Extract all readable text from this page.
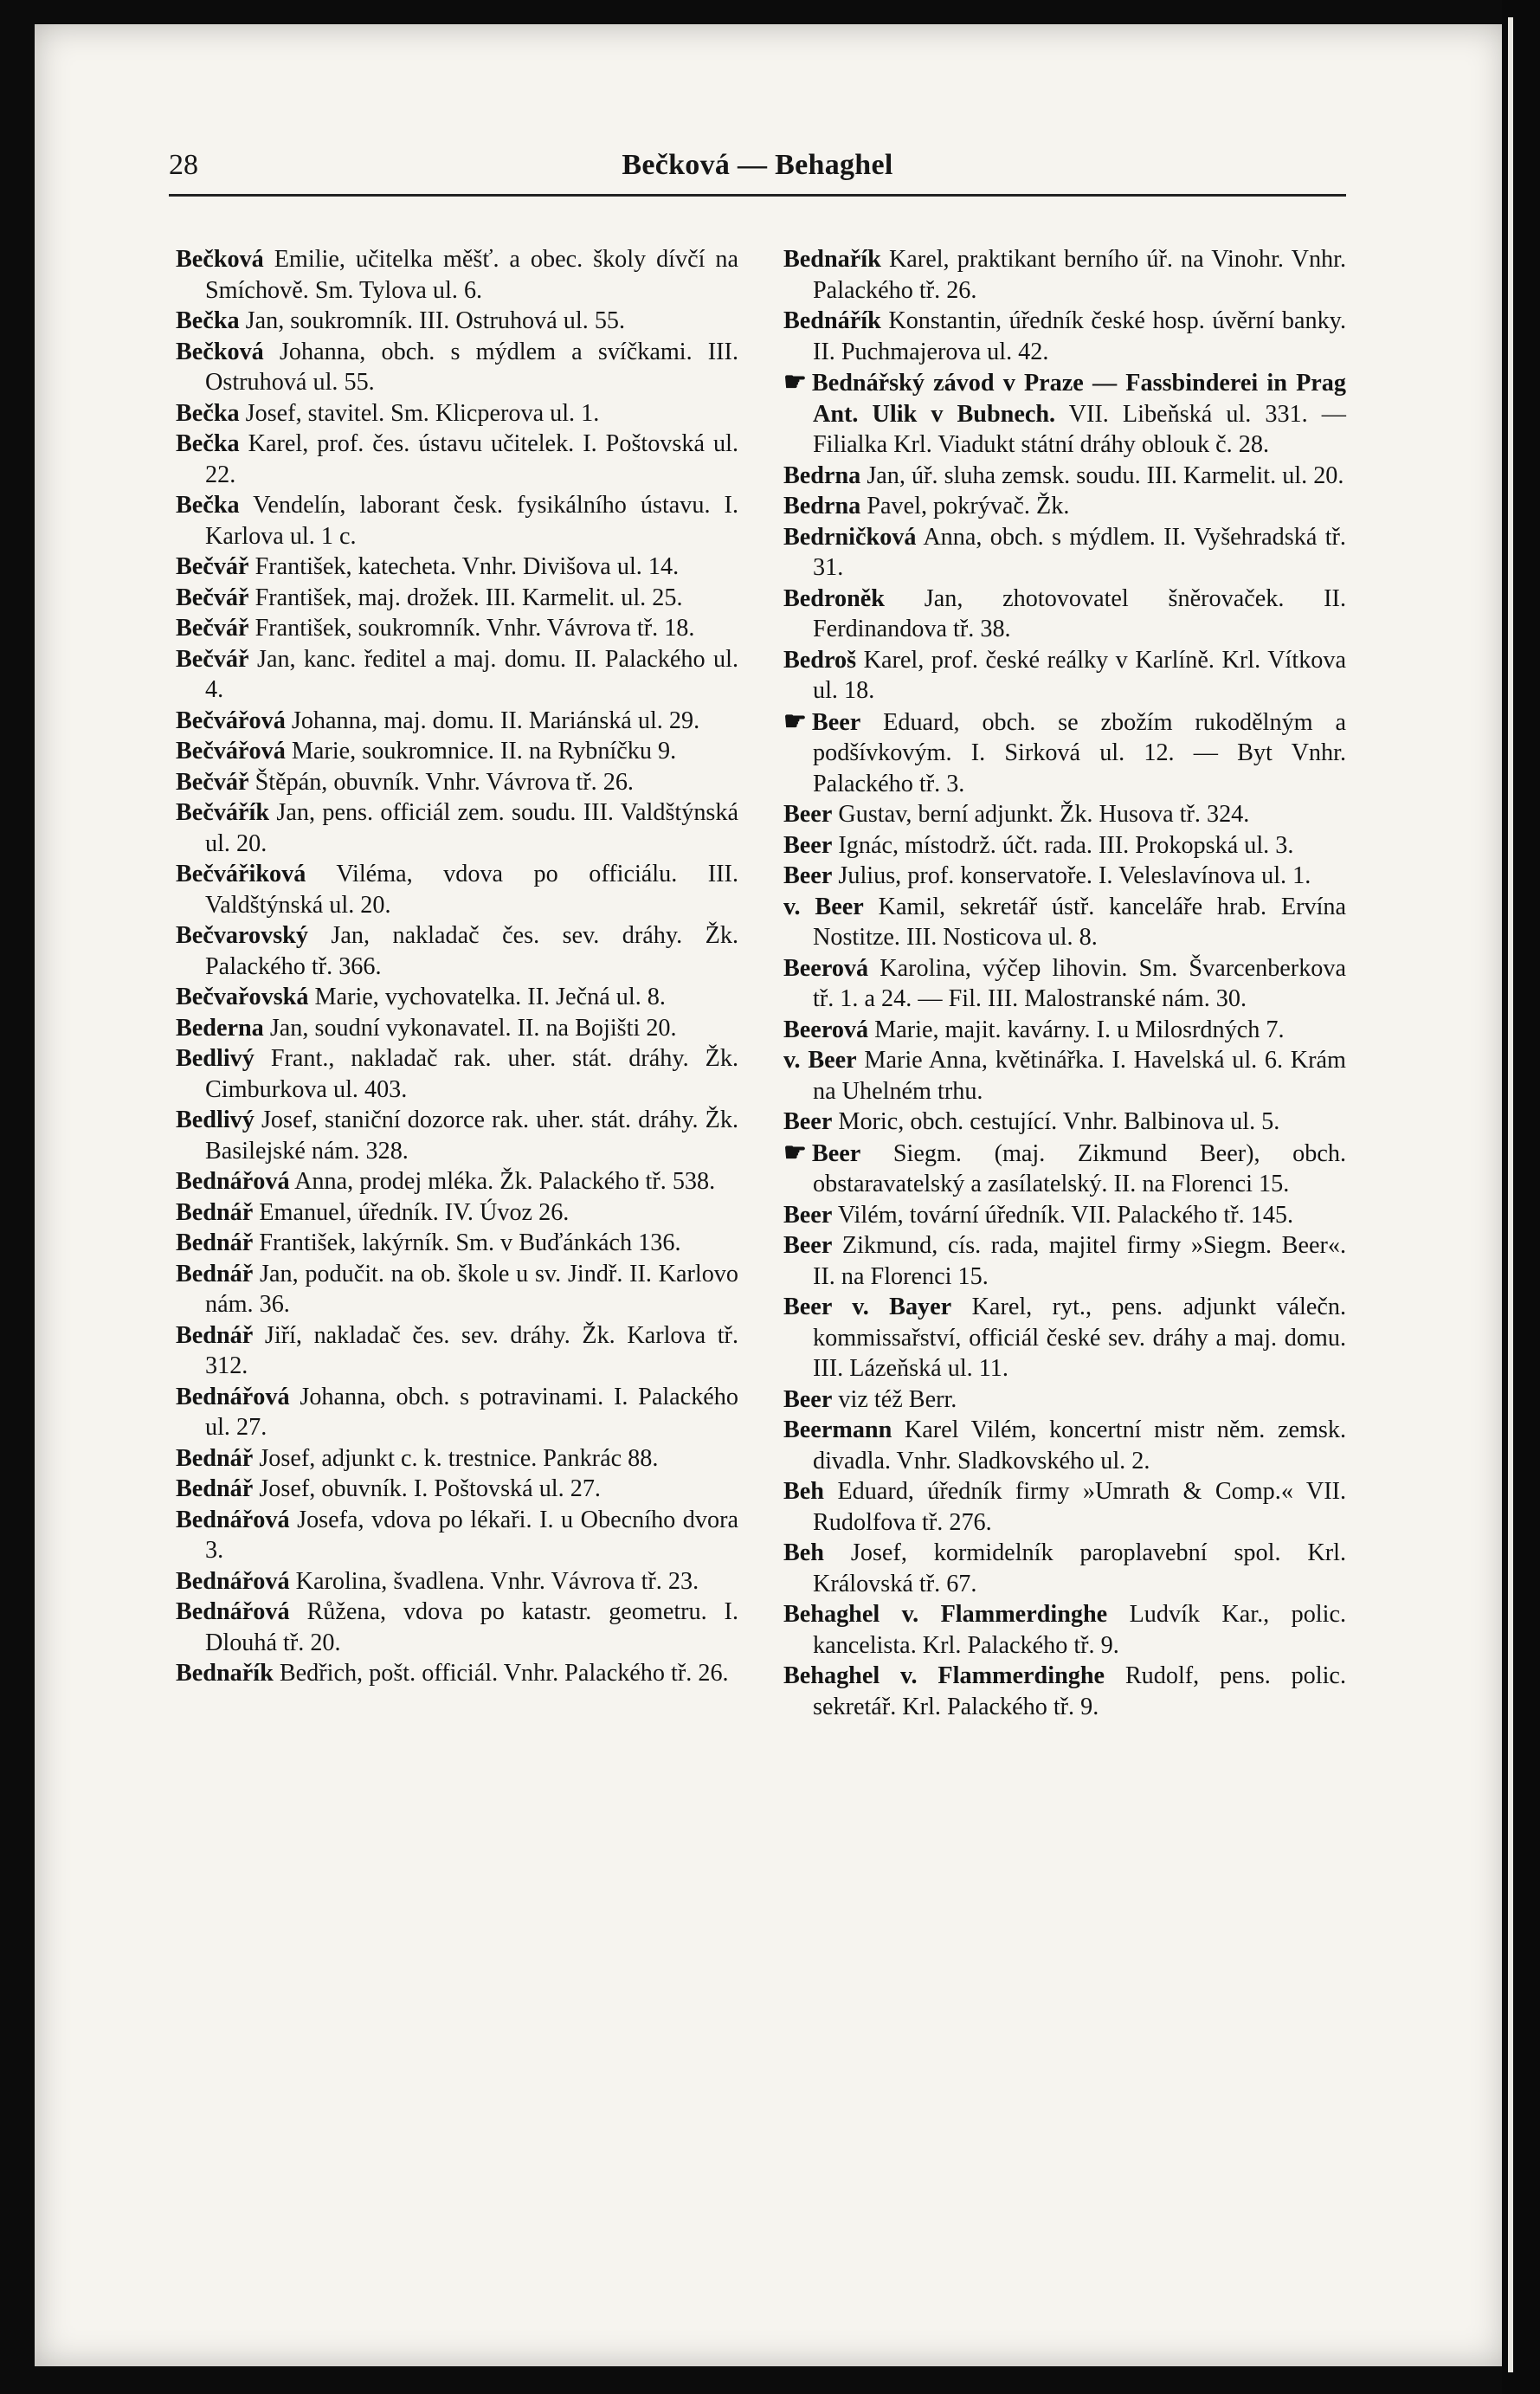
28	Bečková — Behaghel

Bečková Emilie, učitelka měšť. a obec. školy dívčí na Smíchově. Sm. Tylova ul. 6.

Bečka Jan, soukromník. III. Ostruhová ul. 55.

Bečková Johanna, obch. s mýdlem a svíčkami. III. Ostruhová ul. 55.

Bečka Josef, stavitel. Sm. Klicperova ul. 1.

Bečka Karel, prof. čes. ústavu učitelek. I. Poštovská ul. 22.

Bečka Vendelín, laborant česk. fysikálního ústavu. I. Karlova ul. 1 c.

Bečvář František, katecheta. Vnhr. Divišova ul. 14.

Bečvář František, maj. drožek. III. Karmelit. ul. 25.

Bečvář František, soukromník. Vnhr. Vávrova tř. 18.

Bečvář Jan, kanc. ředitel a maj. domu. II. Palackého ul. 4.

Bečvářová Johanna, maj. domu. II. Mariánská ul. 29.

Bečvářová Marie, soukromnice. II. na Rybníčku 9.

Bečvář Štěpán, obuvník. Vnhr. Vávrova tř. 26.

Bečvářík Jan, pens. officiál zem. soudu. III. Valdštýnská ul. 20.

Bečvářiková Viléma, vdova po officiálu. III. Valdštýnská ul. 20.

Bečvarovský Jan, nakladač čes. sev. dráhy. Žk. Palackého tř. 366.

Bečvařovská Marie, vychovatelka. II. Ječná ul. 8.

Bederna Jan, soudní vykonavatel. II. na Bojišti 20.

Bedlivý Frant., nakladač rak. uher. stát. dráhy. Žk. Cimburkova ul. 403.

Bedlivý Josef, staniční dozorce rak. uher. stát. dráhy. Žk. Basilejské nám. 328.

Bednářová Anna, prodej mléka. Žk. Palackého tř. 538.

Bednář Emanuel, úředník. IV. Úvoz 26.

Bednář František, lakýrník. Sm. v Buďánkách 136.

Bednář Jan, podučit. na ob. škole u sv. Jindř. II. Karlovo nám. 36.

Bednář Jiří, nakladač čes. sev. dráhy. Žk. Karlova tř. 312.

Bednářová Johanna, obch. s potravinami. I. Palackého ul. 27.

Bednář Josef, adjunkt c. k. trestnice. Pankrác 88.

Bednář Josef, obuvník. I. Poštovská ul. 27.

Bednářová Josefa, vdova po lékaři. I. u Obecního dvora 3.

Bednářová Karolina, švadlena. Vnhr. Vávrova tř. 23.

Bednářová Růžena, vdova po katastr. geometru. I. Dlouhá tř. 20.

Bednařík Bedřich, pošt. officiál. Vnhr. Palackého tř. 26.

Bednařík Karel, praktikant berního úř. na Vinohr. Vnhr. Palackého tř. 26.

Bednářík Konstantin, úředník české hosp. úvěrní banky. II. Puchmajerova ul. 42.

☛ Bednářský závod v Praze — Fassbinderei in Prag Ant. Ulik v Bubnech. VII. Libeňská ul. 331. — Filialka Krl. Viadukt státní dráhy oblouk č. 28.

Bedrna Jan, úř. sluha zemsk. soudu. III. Karmelit. ul. 20.

Bedrna Pavel, pokrývač. Žk.

Bedrničková Anna, obch. s mýdlem. II. Vyšehradská tř. 31.

Bedroněk Jan, zhotovovatel šněrovaček. II. Ferdinandova tř. 38.

Bedroš Karel, prof. české reálky v Karlíně. Krl. Vítkova ul. 18.

☛ Beer Eduard, obch. se zbožím rukodělným a podšívkovým. I. Sirková ul. 12. — Byt Vnhr. Palackého tř. 3.

Beer Gustav, berní adjunkt. Žk. Husova tř. 324.

Beer Ignác, místodrž. účt. rada. III. Prokopská ul. 3.

Beer Julius, prof. konservatoře. I. Veleslavínova ul. 1.

v. Beer Kamil, sekretář ústř. kanceláře hrab. Ervína Nostitze. III. Nosticova ul. 8.

Beerová Karolina, výčep lihovin. Sm. Švarcenberkova tř. 1. a 24. — Fil. III. Malostranské nám. 30.

Beerová Marie, majit. kavárny. I. u Milosrdných 7.

v. Beer Marie Anna, květinářka. I. Havelská ul. 6. Krám na Uhelném trhu.

Beer Moric, obch. cestující. Vnhr. Balbinova ul. 5.

☛ Beer Siegm. (maj. Zikmund Beer), obch. obstaravatelský a zasílatelský. II. na Florenci 15.

Beer Vilém, tovární úředník. VII. Palackého tř. 145.

Beer Zikmund, cís. rada, majitel firmy »Siegm. Beer«. II. na Florenci 15.

Beer v. Bayer Karel, ryt., pens. adjunkt válečn. kommissařství, officiál české sev. dráhy a maj. domu. III. Lázeňská ul. 11.

Beer viz též Berr.

Beermann Karel Vilém, koncertní mistr něm. zemsk. divadla. Vnhr. Sladkovského ul. 2.

Beh Eduard, úředník firmy »Umrath & Comp.« VII. Rudolfova tř. 276.

Beh Josef, kormidelník paroplavební spol. Krl. Královská tř. 67.

Behaghel v. Flammerdinghe Ludvík Kar., polic. kancelista. Krl. Palackého tř. 9.

Behaghel v. Flammerdinghe Rudolf, pens. polic. sekretář. Krl. Palackého tř. 9.
